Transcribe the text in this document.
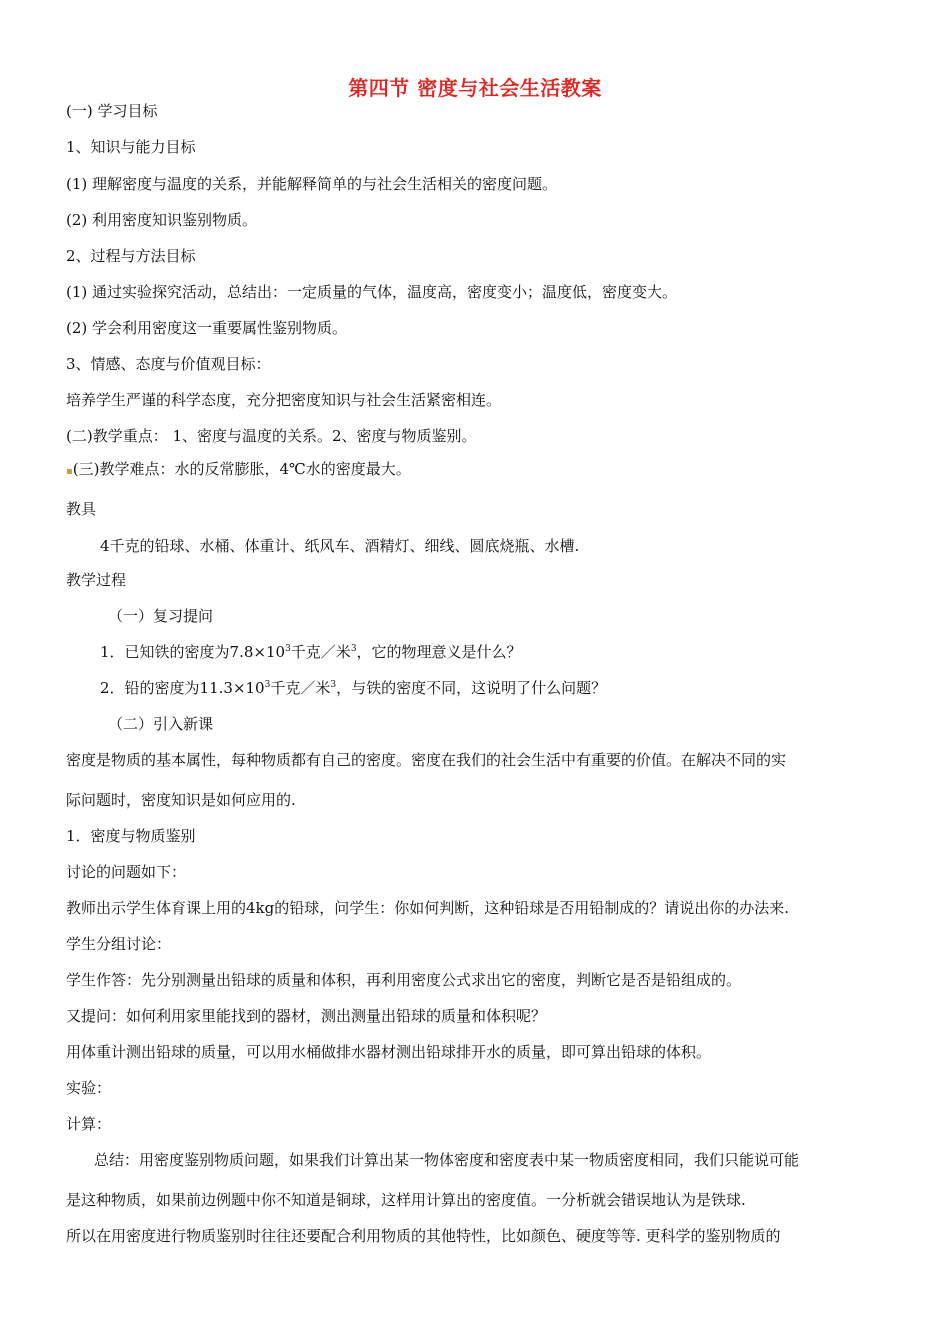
第四节 密度与社会生活教案
(一) 学习目标
1、知识与能力目标
(1) 理解密度与温度的关系，并能解释简单的与社会生活相关的密度问题。
(2) 利用密度知识鉴别物质。
2、过程与方法目标
(1) 通过实验探究活动，总结出：一定质量的气体，温度高，密度变小；温度低，密度变大。
(2) 学会利用密度这一重要属性鉴别物质。
3、情感、态度与价值观目标：
培养学生严谨的科学态度，充分把密度知识与社会生活紧密相连。
(二)教学重点： 1、密度与温度的关系。2、密度与物质鉴别。
▪(三)教学难点：水的反常膨胀，4℃水的密度最大。
教具
4千克的铅球、水桶、体重计、纸风车、酒精灯、细线、圆底烧瓶、水槽.
教学过程
（一）复习提问
1．已知铁的密度为$7.8\times 10^3$千克／米$^3$，它的物理意义是什么？
2．铅的密度为$11.3\times 10^3$千克／米$^3$，与铁的密度不同，这说明了什么问题？
（二）引入新课
密度是物质的基本属性，每种物质都有自己的密度。密度在我们的社会生活中有重要的价值。在解决不同的实
际问题时，密度知识是如何应用的.
1．密度与物质鉴别
讨论的问题如下：
教师出示学生体育课上用的4kg的铅球，问学生：你如何判断，这种铅球是否用铅制成的？请说出你的办法来.
学生分组讨论：
学生作答：先分别测量出铅球的质量和体积，再利用密度公式求出它的密度，判断它是否是铅组成的。
又提问：如何利用家里能找到的器材，测出测量出铅球的质量和体积呢？
用体重计测出铅球的质量，可以用水桶做排水器材测出铅球排开水的质量，即可算出铅球的体积。
实验：
计算：
总结：用密度鉴别物质问题，如果我们计算出某一物体密度和密度表中某一物质密度相同，我们只能说可能
是这种物质，如果前边例题中你不知道是铜球，这样用计算出的密度值。一分析就会错误地认为是铁球.
所以在用密度进行物质鉴别时往往还要配合利用物质的其他特性，比如颜色、硬度等等. 更科学的鉴别物质的
